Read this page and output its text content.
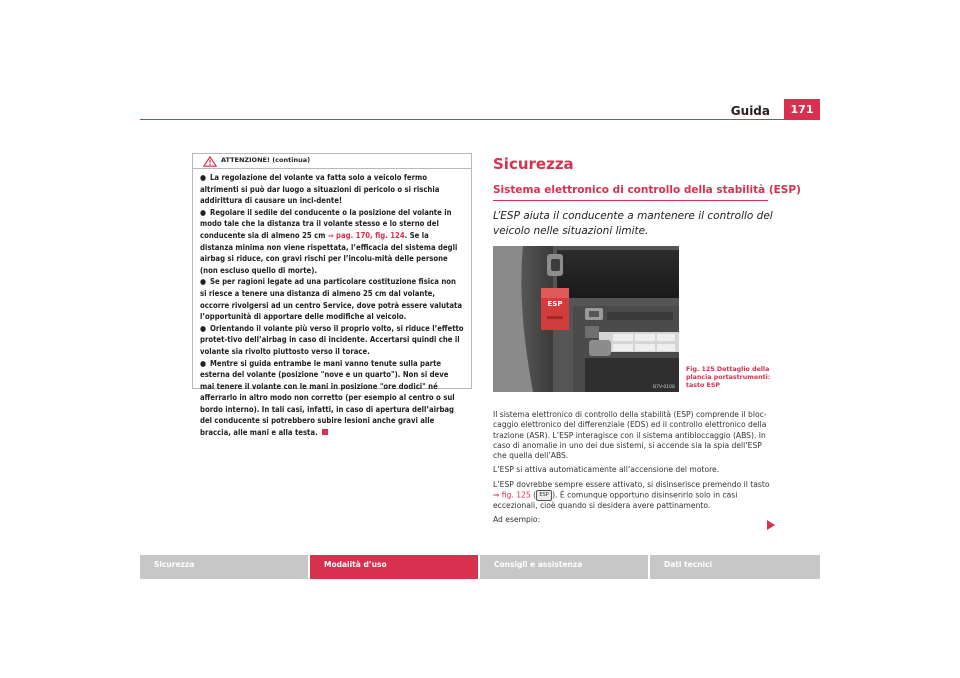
Guida	171
ATTENZIONE! (continua)

● La regolazione del volante va fatta solo a veicolo fermo altrimenti si può dar luogo a situazioni di pericolo o si rischia addirittura di causare un inci-dente!

● Regolare il sedile del conducente o la posizione del volante in modo tale che la distanza tra il volante stesso e lo sterno del conducente sia di almeno 25 cm ⇒ pag. 170, fig. 124. Se la distanza minima non viene rispettata, l’efficacia del sistema degli airbag si riduce, con gravi rischi per l’incolu-mità delle persone (non escluso quello di morte).

● Se per ragioni legate ad una particolare costituzione fisica non si riesce a tenere una distanza di almeno 25 cm dal volante, occorre rivolgersi ad un centro Service, dove potrà essere valutata l’opportunità di apportare delle modifiche al veicolo.

● Orientando il volante più verso il proprio volto, si riduce l’effetto protet-tivo dell’airbag in caso di incidente. Accertarsi quindi che il volante sia rivolto piuttosto verso il torace.

● Mentre si guida entrambe le mani vanno tenute sulla parte esterna del volante (posizione "nove e un quarto"). Non si deve mai tenere il volante con le mani in posizione "ore dodici" né afferrarlo in altro modo non corretto (per esempio al centro o sul bordo interno). In tali casi, infatti, in caso di apertura dell’airbag del conducente si potrebbero subire lesioni anche gravi alle braccia, alle mani e alla testa.

Sicurezza
Sistema elettronico di controllo della stabilità (ESP)
L’ESP aiuta il conducente a mantenere il controllo del veicolo nelle situazioni limite.
ESP
B7V-0108
Fig. 125 Dettaglio della plancia portastrumenti: tasto ESP

Il sistema elettronico di controllo della stabilità (ESP) comprende il bloc-caggio elettronico del differenziale (EDS) ed il controllo elettronico della trazione (ASR). L’ESP interagisce con il sistema antibloccaggio (ABS). In caso di anomalie in uno dei due sistemi, si accende sia la spia dell’ESP che quella dell’ABS.

L’ESP si attiva automaticamente all’accensione del motore.

L’ESP dovrebbe sempre essere attivato, si disinserisce premendo il tasto
⇒ fig. 125 ( ESP ). È comunque opportuno disinserirlo solo in casi eccezionali, cioè quando si desidera avere pattinamento.

Ad esempio:

Sicurezza	Modalità d’uso	Consigli e assistenza	Dati tecnici
